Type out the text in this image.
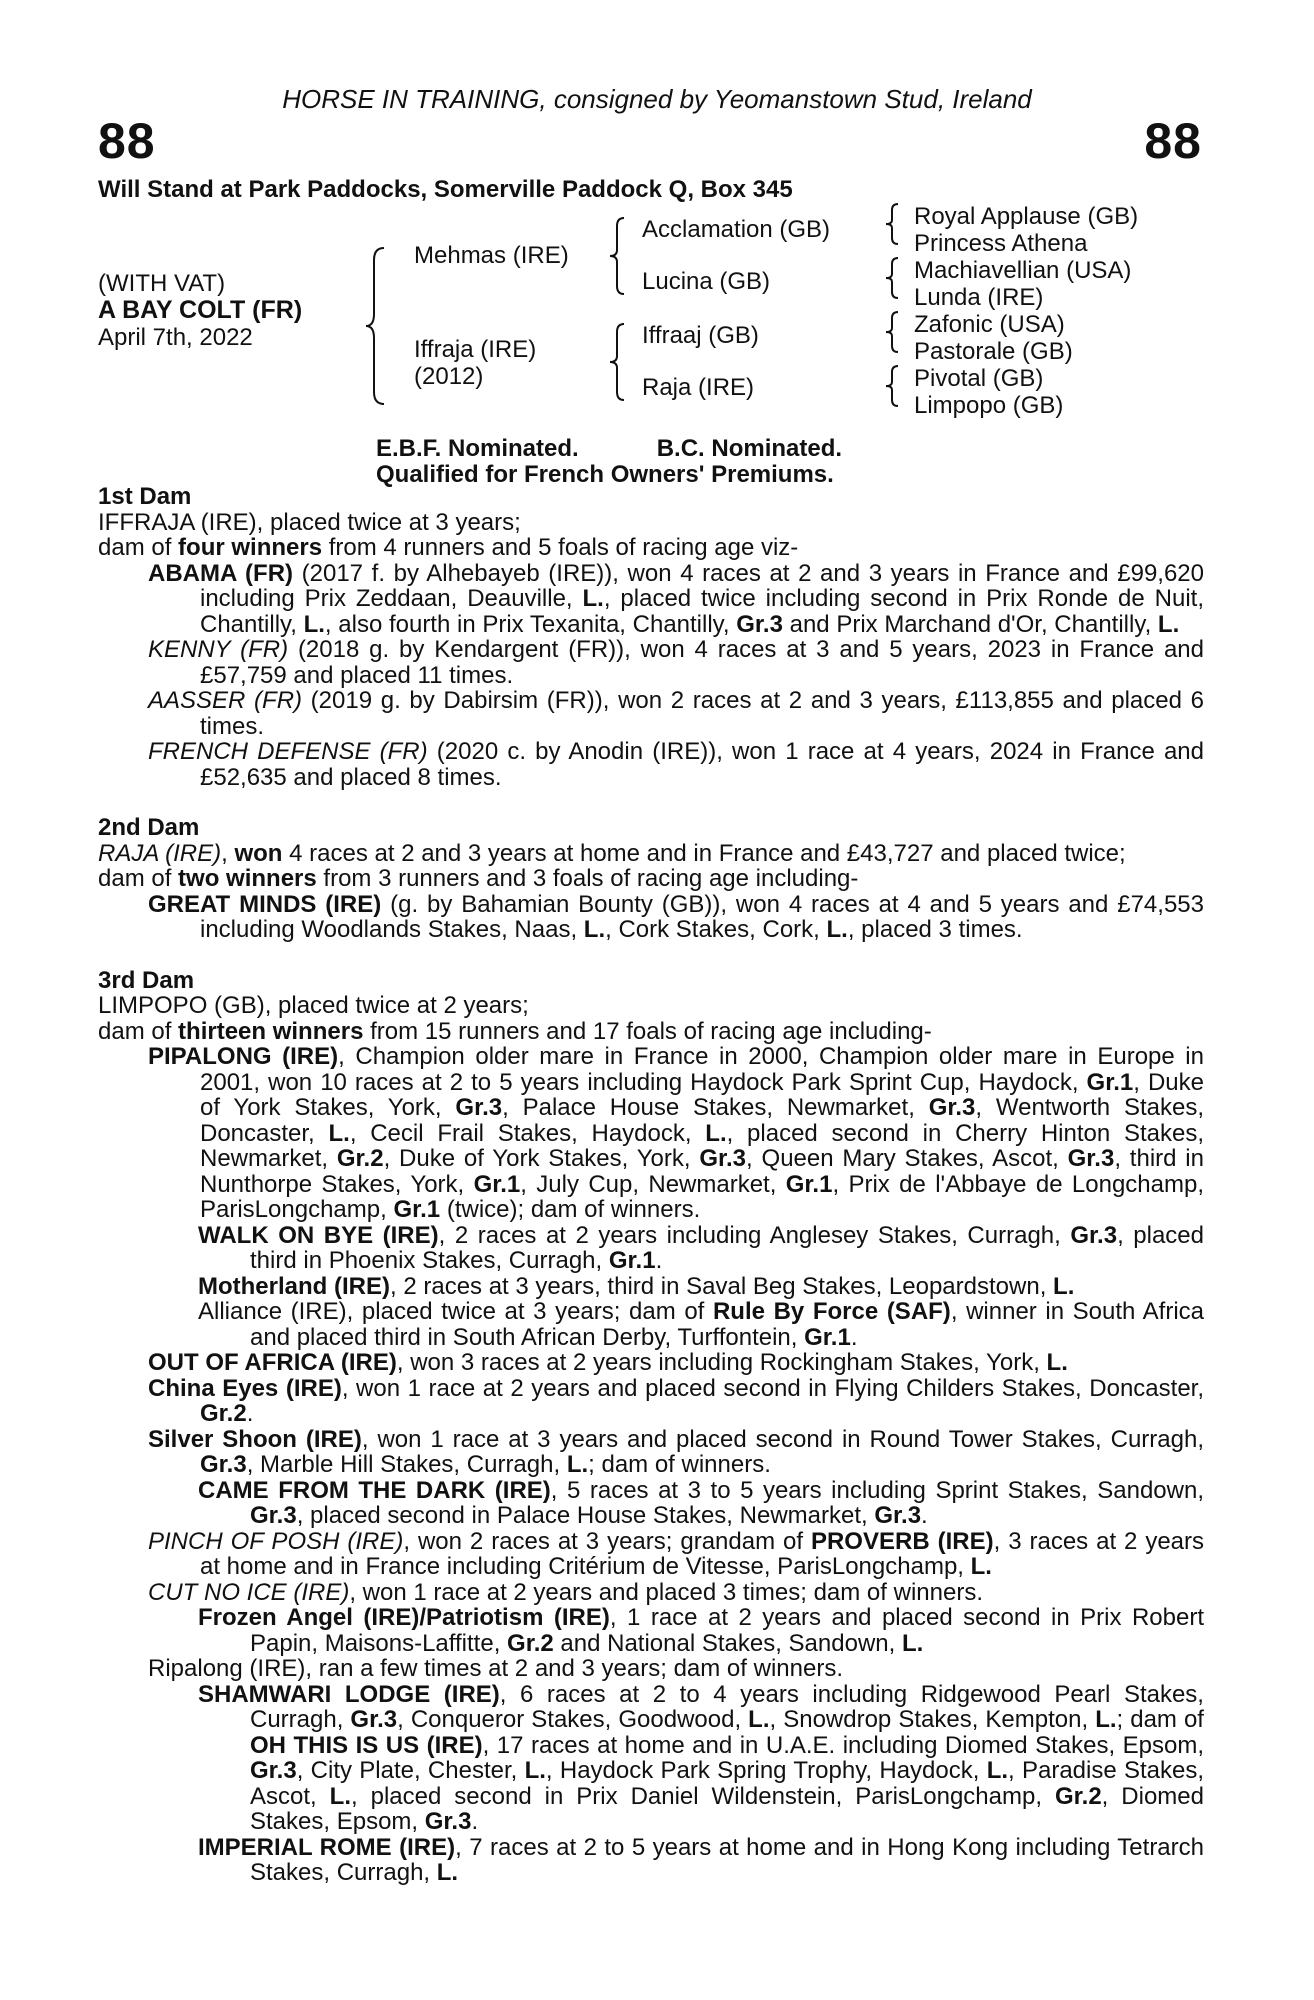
HORSE IN TRAINING, consigned by Yeomanstown Stud, Ireland
88	88
Will Stand at Park Paddocks, Somerville Paddock Q, Box 345
(WITH VAT)
A BAY COLT (FR)
April 7th, 2022
Mehmas (IRE)
Iffraja (IRE)
(2012)
Acclamation (GB)
Lucina (GB)
Iffraaj (GB)
Raja (IRE)
Royal Applause (GB)
Princess Athena
Machiavellian (USA)
Lunda (IRE)
Zafonic (USA)
Pastorale (GB)
Pivotal (GB)
Limpopo (GB)
E.B.F. Nominated.	B.C. Nominated.
Qualified for French Owners' Premiums.

1st Dam

IFFRAJA (IRE), placed twice at 3 years;

dam of four winners from 4 runners and 5 foals of racing age viz-

ABAMA (FR) (2017 f. by Alhebayeb (IRE)), won 4 races at 2 and 3 years in France and £99,620 including Prix Zeddaan, Deauville, L., placed twice including second in Prix Ronde de Nuit, Chantilly, L., also fourth in Prix Texanita, Chantilly, Gr.3 and Prix Marchand d'Or, Chantilly, L.

KENNY (FR) (2018 g. by Kendargent (FR)), won 4 races at 3 and 5 years, 2023 in France and £57,759 and placed 11 times.

AASSER (FR) (2019 g. by Dabirsim (FR)), won 2 races at 2 and 3 years, £113,855 and placed 6 times.

FRENCH DEFENSE (FR) (2020 c. by Anodin (IRE)), won 1 race at 4 years, 2024 in France and £52,635 and placed 8 times.

2nd Dam

RAJA (IRE), won 4 races at 2 and 3 years at home and in France and £43,727 and placed twice;

dam of two winners from 3 runners and 3 foals of racing age including-

GREAT MINDS (IRE) (g. by Bahamian Bounty (GB)), won 4 races at 4 and 5 years and £74,553 including Woodlands Stakes, Naas, L., Cork Stakes, Cork, L., placed 3 times.

3rd Dam

LIMPOPO (GB), placed twice at 2 years;

dam of thirteen winners from 15 runners and 17 foals of racing age including-

PIPALONG (IRE), Champion older mare in France in 2000, Champion older mare in Europe in 2001, won 10 races at 2 to 5 years including Haydock Park Sprint Cup, Haydock, Gr.1, Duke of York Stakes, York, Gr.3, Palace House Stakes, Newmarket, Gr.3, Wentworth Stakes, Doncaster, L., Cecil Frail Stakes, Haydock, L., placed second in Cherry Hinton Stakes, Newmarket, Gr.2, Duke of York Stakes, York, Gr.3, Queen Mary Stakes, Ascot, Gr.3, third in Nunthorpe Stakes, York, Gr.1, July Cup, Newmarket, Gr.1, Prix de l'Abbaye de Longchamp, ParisLongchamp, Gr.1 (twice); dam of winners.

WALK ON BYE (IRE), 2 races at 2 years including Anglesey Stakes, Curragh, Gr.3, placed third in Phoenix Stakes, Curragh, Gr.1.

Motherland (IRE), 2 races at 3 years, third in Saval Beg Stakes, Leopardstown, L.

Alliance (IRE), placed twice at 3 years; dam of Rule By Force (SAF), winner in South Africa and placed third in South African Derby, Turffontein, Gr.1.

OUT OF AFRICA (IRE), won 3 races at 2 years including Rockingham Stakes, York, L.

China Eyes (IRE), won 1 race at 2 years and placed second in Flying Childers Stakes, Doncaster, Gr.2.

Silver Shoon (IRE), won 1 race at 3 years and placed second in Round Tower Stakes, Curragh, Gr.3, Marble Hill Stakes, Curragh, L.; dam of winners.

CAME FROM THE DARK (IRE), 5 races at 3 to 5 years including Sprint Stakes, Sandown, Gr.3, placed second in Palace House Stakes, Newmarket, Gr.3.

PINCH OF POSH (IRE), won 2 races at 3 years; grandam of PROVERB (IRE), 3 races at 2 years at home and in France including Critérium de Vitesse, ParisLongchamp, L.

CUT NO ICE (IRE), won 1 race at 2 years and placed 3 times; dam of winners.

Frozen Angel (IRE)/Patriotism (IRE), 1 race at 2 years and placed second in Prix Robert Papin, Maisons-Laffitte, Gr.2 and National Stakes, Sandown, L.

Ripalong (IRE), ran a few times at 2 and 3 years; dam of winners.

SHAMWARI LODGE (IRE), 6 races at 2 to 4 years including Ridgewood Pearl Stakes, Curragh, Gr.3, Conqueror Stakes, Goodwood, L., Snowdrop Stakes, Kempton, L.; dam of OH THIS IS US (IRE), 17 races at home and in U.A.E. including Diomed Stakes, Epsom, Gr.3, City Plate, Chester, L., Haydock Park Spring Trophy, Haydock, L., Paradise Stakes, Ascot, L., placed second in Prix Daniel Wildenstein, ParisLongchamp, Gr.2, Diomed Stakes, Epsom, Gr.3.

IMPERIAL ROME (IRE), 7 races at 2 to 5 years at home and in Hong Kong including Tetrarch Stakes, Curragh, L.
